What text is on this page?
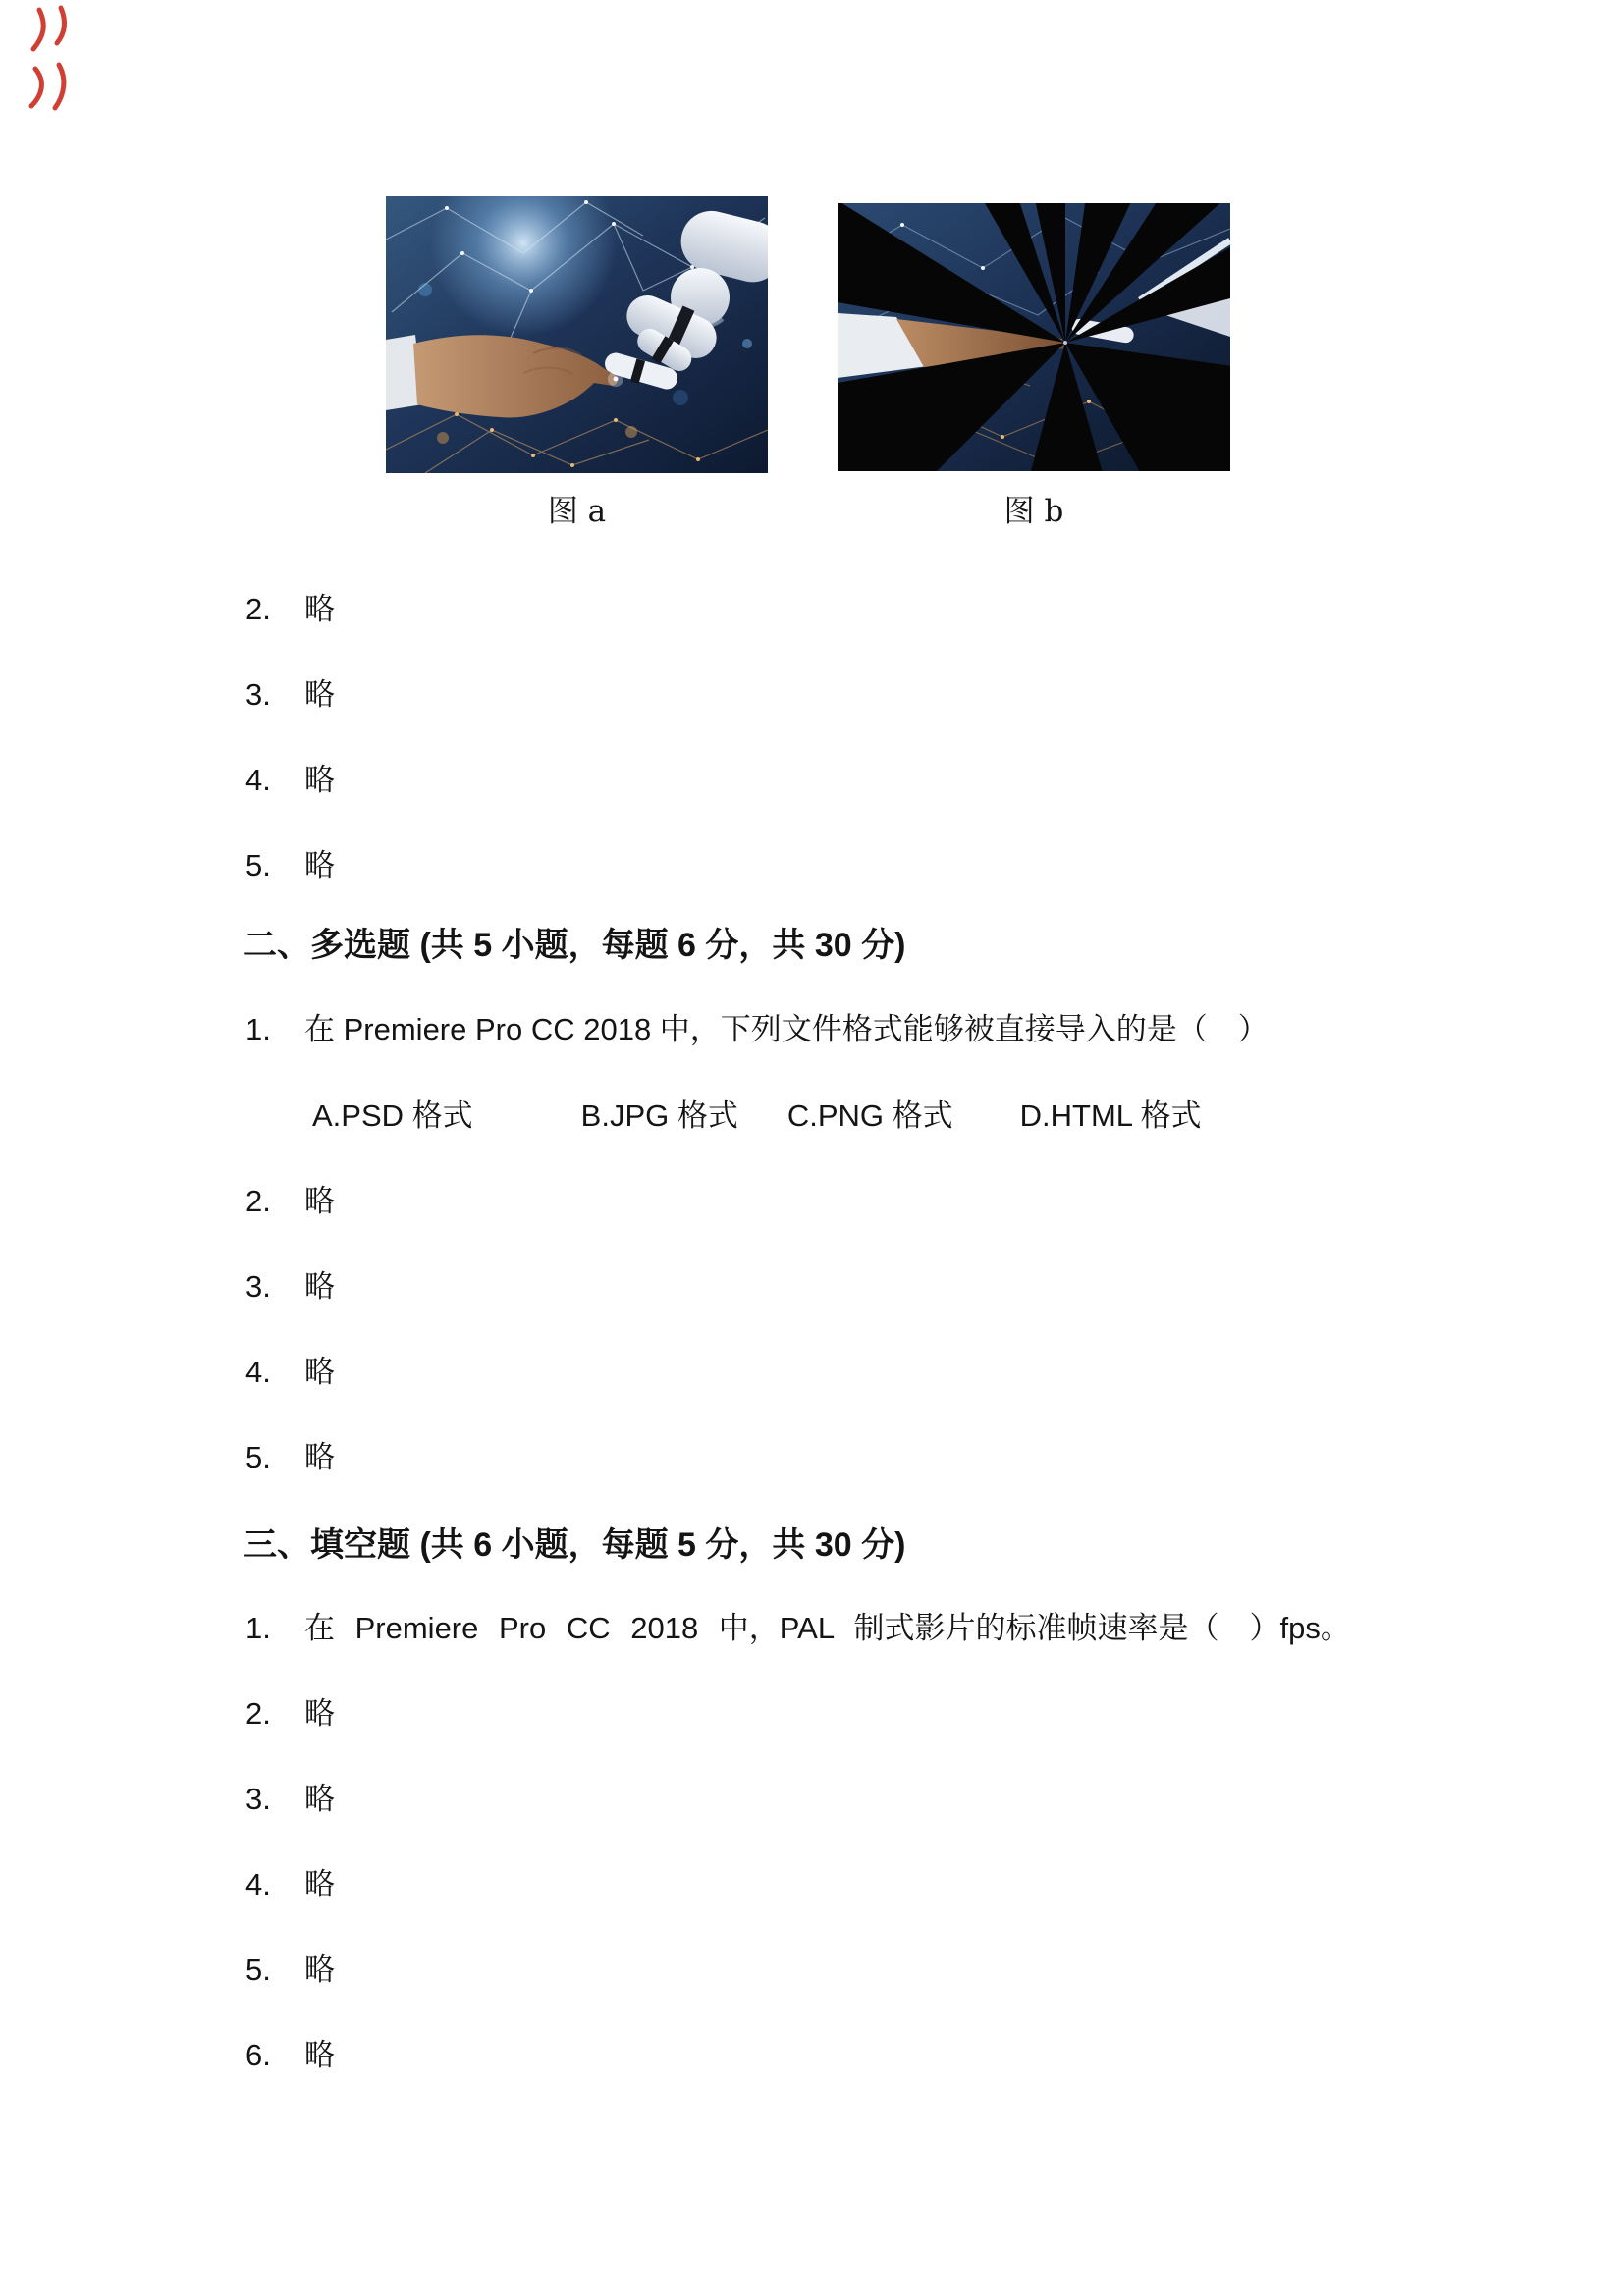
图 a	图 b
2. 略
3. 略
4. 略
5. 略
二、多选题 (共 5 小题，每题 6 分，共 30 分)
1. 在 Premiere Pro CC 2018 中，下列文件格式能够被直接导入的是（　）
A.PSD 格式	B.JPG 格式 C.PNG 格式 D.HTML 格式
2. 略
3. 略
4. 略
5. 略
三、填空题 (共 6 小题，每题 5 分，共 30 分)
1. 在 Premiere Pro CC 2018 中，PAL 制式影片的标准帧速率是（　）fps。
2. 略
3. 略
4. 略
5. 略
6. 略
